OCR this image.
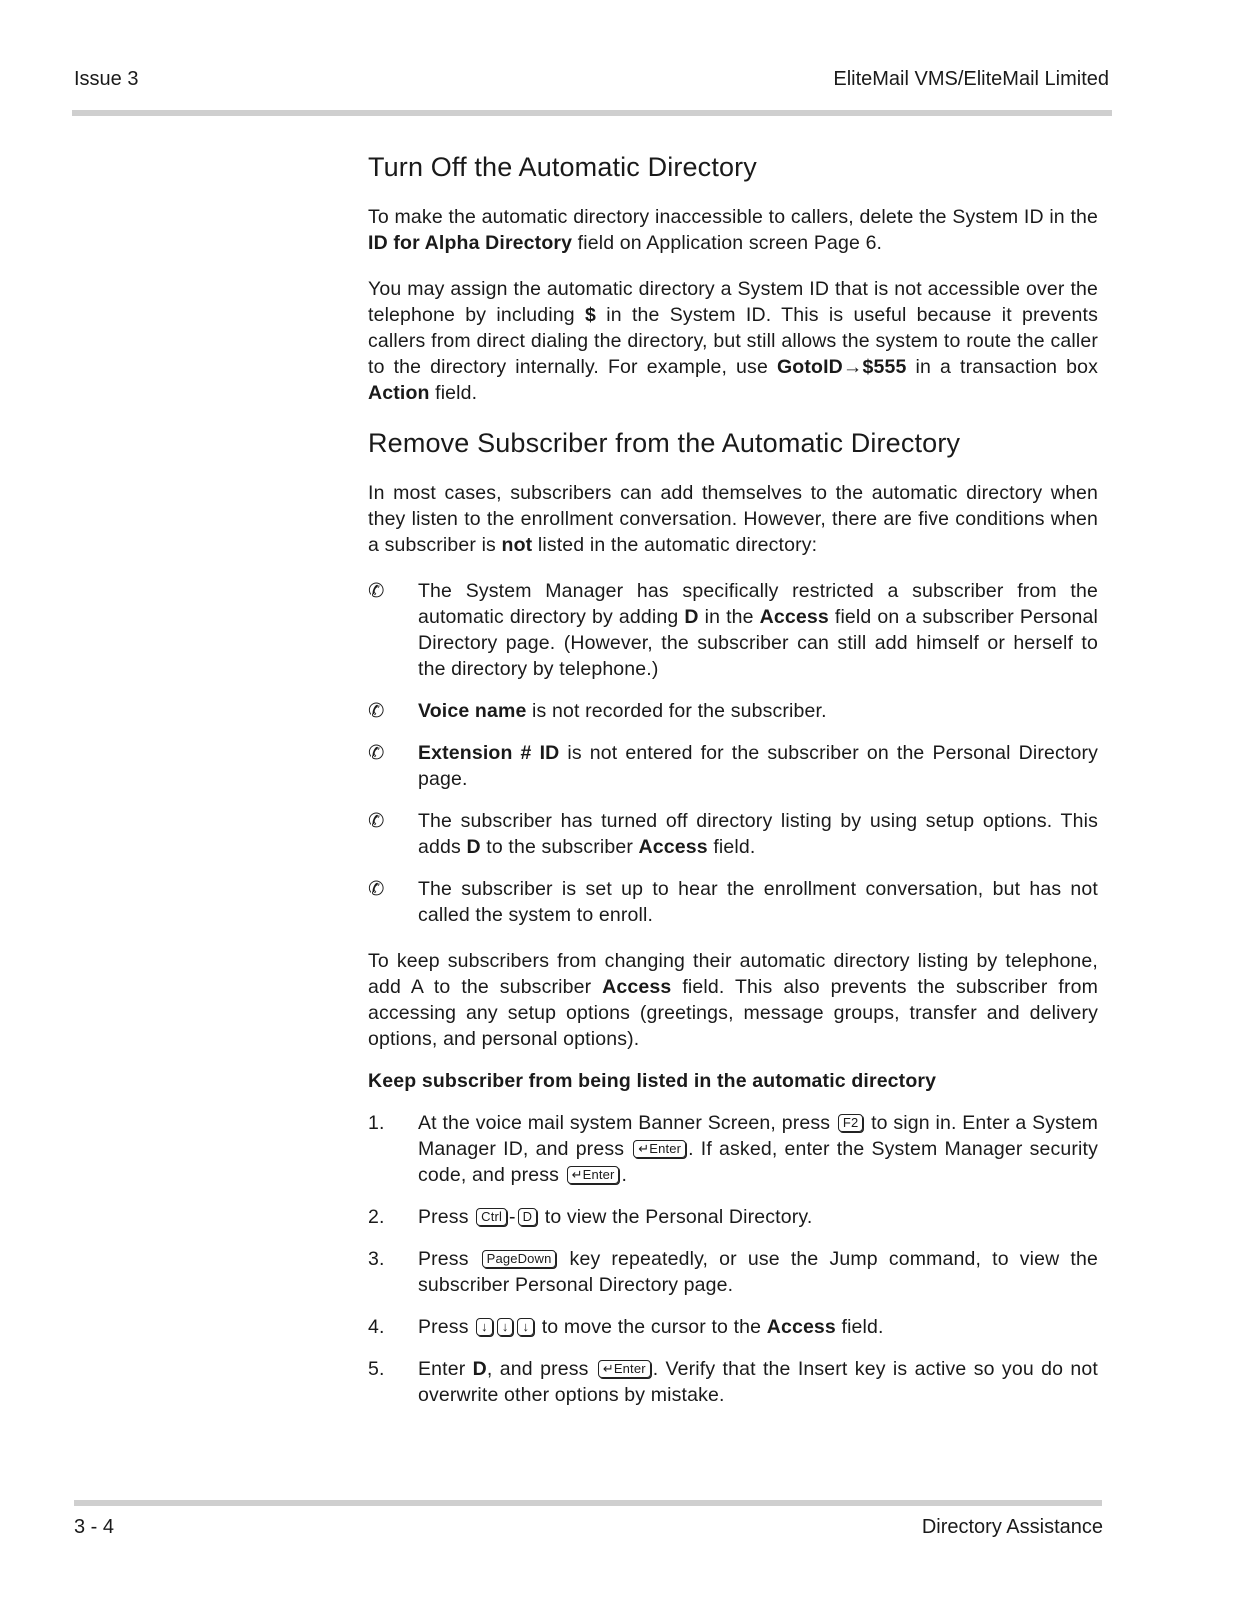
Issue 3	EliteMail VMS/EliteMail Limited
Turn Off the Automatic Directory

To make the automatic directory inaccessible to callers, delete the System ID in the ID for Alpha Directory field on Application screen Page 6.

You may assign the automatic directory a System ID that is not accessible over the telephone by including $ in the System ID. This is useful because it prevents callers from direct dialing the directory, but still allows the system to route the caller to the directory internally. For example, use GotoID→$555 in a transaction box Action field.

Remove Subscriber from the Automatic Directory

In most cases, subscribers can add themselves to the automatic directory when they listen to the enrollment conversation. However, there are five conditions when a subscriber is not listed in the automatic directory:

✆	The System Manager has specifically restricted a subscriber from the automatic directory by adding D in the Access field on a subscriber Personal Directory page. (However, the subscriber can still add himself or herself to the directory by telephone.)
✆	Voice name is not recorded for the subscriber.
✆	Extension # ID is not entered for the subscriber on the Personal Directory page.
✆	The subscriber has turned off directory listing by using setup options. This adds D to the subscriber Access field.
✆	The subscriber is set up to hear the enrollment conversation, but has not called the system to enroll.

To keep subscribers from changing their automatic directory listing by telephone, add A to the subscriber Access field. This also prevents the subscriber from accessing any setup options (greetings, message groups, transfer and delivery options, and personal options).

Keep subscriber from being listed in the automatic directory
1.	At the voice mail system Banner Screen, press F2 to sign in. Enter a System Manager ID, and press ↵Enter . If asked, enter the System Manager security code, and press ↵Enter .
2.	Press Ctrl - D to view the Personal Directory.
3.	Press PageDown key repeatedly, or use the Jump command, to view the subscriber Personal Directory page.
4.	Press ↓ ↓ ↓ to move the cursor to the Access field.
5.	Enter D, and press ↵Enter . Verify that the Insert key is active so you do not overwrite other options by mistake.
3 - 4	Directory Assistance
